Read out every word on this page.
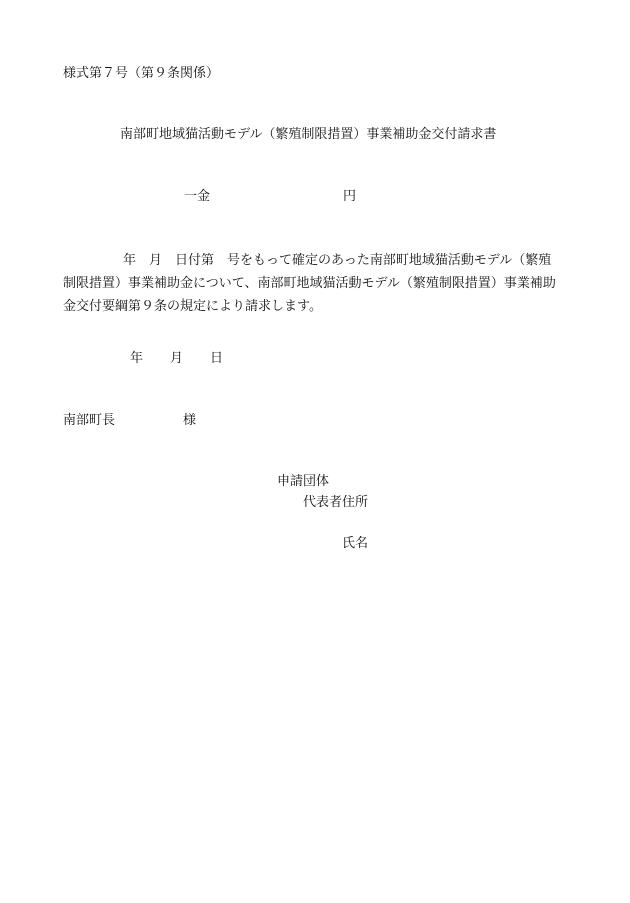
様式第７号（第９条関係）
南部町地域猫活動モデル（繁殖制限措置）事業補助金交付請求書
一金	円
年　月　日付第　号をもって確定のあった南部町地域猫活動モデル（繁殖
制限措置）事業補助金について、南部町地域猫活動モデル（繁殖制限措置）事業補助
金交付要綱第９条の規定により請求します。
年 月 日
南部町長	様
申請団体
代表者住所
氏名
